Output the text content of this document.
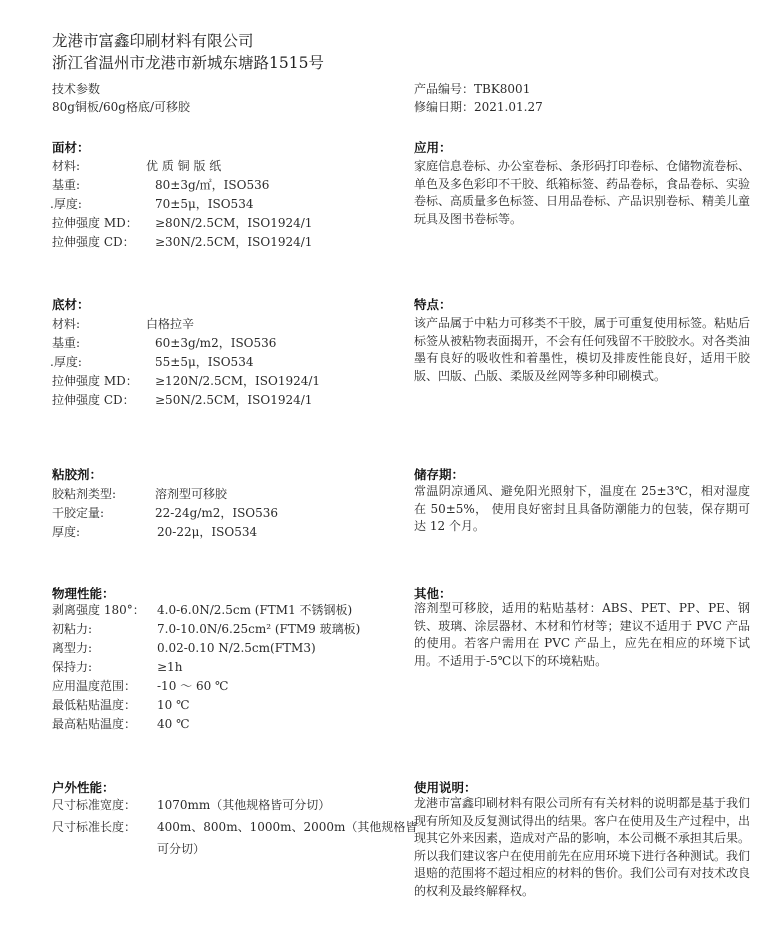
龙港市富鑫印刷材料有限公司
浙江省温州市龙港市新城东塘路1515号
技术参数
80g铜板/60g格底/可移胶
产品编号：TBK8001
修编日期：2021.01.27
面材：
材料:	优 质 铜 版 纸
基重:	80±3g/㎡，ISO536
.厚度:	70±5μ，ISO534
拉伸强度 MD： ≥80N/2.5CM，ISO1924/1
拉伸强度 CD： ≥30N/2.5CM，ISO1924/1
应用：
家庭信息卷标、办公室卷标、条形码打印卷标、仓储物流卷标、单色及多色彩印不干胶、纸箱标签、药品卷标，食品卷标、实验卷标、高质量多色标签、日用品卷标、产品识别卷标、精美儿童玩具及图书卷标等。
底材：
材料:	白格拉辛
基重:	60±3g/m2，ISO536
.厚度:	55±5μ，ISO534
拉伸强度 MD： ≥120N/2.5CM，ISO1924/1
拉伸强度 CD： ≥50N/2.5CM，ISO1924/1
特点：
该产品属于中粘力可移类不干胶，属于可重复使用标签。粘贴后标签从被粘物表面揭开，不会有任何残留不干胶胶水。对各类油墨有良好的吸收性和着墨性，模切及排废性能良好，适用干胶版、凹版、凸版、柔版及丝网等多种印刷模式。
粘胶剂：
胶粘剂类型:	溶剂型可移胶
干胶定量:	22-24g/m2，ISO536
厚度:	20-22μ，ISO534
储存期：
常温阴凉通风、避免阳光照射下，温度在 25±3℃，相对湿度在 50±5%， 使用良好密封且具备防潮能力的包装，保存期可达 12 个月。
物理性能：
剥离强度 180°： 4.0-6.0N/2.5cm (FTM1 不锈钢板)
初粘力:	7.0-10.0N/6.25cm² (FTM9 玻璃板)
离型力:	0.02-0.10 N/2.5cm(FTM3)
保持力:	≥1h
应用温度范围： -10 ～ 60 ℃
最低粘贴温度： 10 ℃
最高粘贴温度： 40 ℃
其他：
溶剂型可移胶，适用的粘贴基材：ABS、PET、PP、PE、钢铁、玻璃、涂层器材、木材和竹材等；建议不适用于 PVC 产品的使用。若客户需用在 PVC 产品上，应先在相应的环境下试用。不适用于-5℃以下的环境粘贴。
户外性能：
尺寸标准宽度： 1070mm（其他规格皆可分切）
尺寸标准长度： 400m、800m、1000m、2000m（其他规格皆
可分切）
使用说明：
龙港市富鑫印刷材料有限公司所有有关材料的说明都是基于我们现有所知及反复测试得出的结果。客户在使用及生产过程中，出现其它外来因素，造成对产品的影响，本公司概不承担其后果。所以我们建议客户在使用前先在应用环境下进行各种测试。我们退赔的范围将不超过相应的材料的售价。我们公司有对技术改良的权利及最终解释权。
